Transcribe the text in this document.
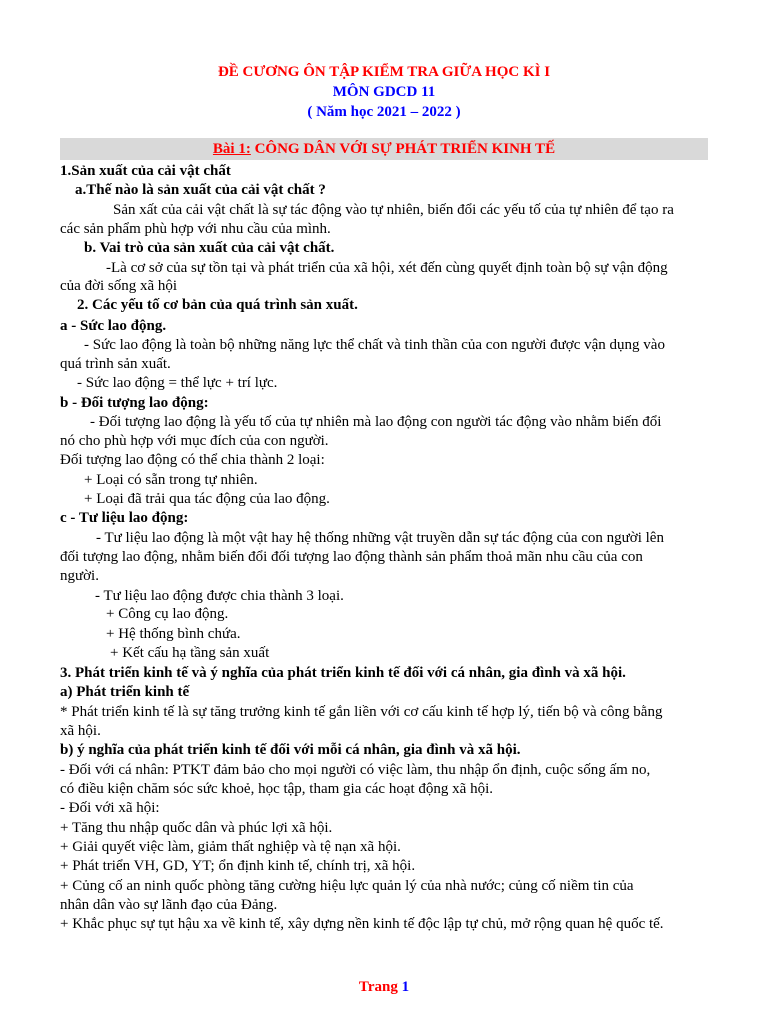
ĐỀ CƯƠNG ÔN TẬP KIỂM TRA GIỮA HỌC KÌ I
MÔN GDCD 11
( Năm học 2021 – 2022 )
Bài 1: CÔNG DÂN VỚI SỰ PHÁT TRIỂN KINH TẾ
1.Sản xuất của cải vật chất
a.Thế nào là sản xuất của cải vật chất ?
Sản xất của cải vật chất là sự tác động vào tự nhiên, biến đổi các yếu tố của tự nhiên để tạo ra
các sản phẩm phù hợp với nhu cầu của mình.
b. Vai trò của sản xuất của cải vật chất.
-Là cơ sở của sự tồn tại và phát triển của xã hội, xét đến cùng quyết định toàn bộ sự vận động
của đời sống xã hội
2. Các yếu tố cơ bản của quá trình sản xuất.
a - Sức lao động.
- Sức lao động là toàn bộ những năng lực thể chất và tinh thần của con người được vận dụng vào
quá trình sản xuất.
- Sức lao động = thể lực + trí lực.
b - Đối tượng lao động:
- Đối tượng lao động là yếu tố của tự nhiên mà lao động con người tác động vào nhằm biến đổi
nó cho phù hợp với mục đích của con người.
Đối tượng lao động có thể chia thành 2 loại:
+ Loại có sẵn trong tự nhiên.
+ Loại đã trải qua tác động của lao động.
c - Tư liệu lao động:
- Tư liệu lao động là một vật hay hệ thống những vật truyền dẫn sự tác động của con người lên
đối tượng lao động, nhằm biến đổi đối tượng lao động thành sản phẩm thoả mãn nhu cầu của con
người.
- Tư liệu lao động được chia thành 3 loại.
+ Công cụ lao động.
+ Hệ thống bình chứa.
+ Kết cấu hạ tầng sản xuất
3. Phát triển kinh tế và ý nghĩa của phát triển kinh tế đối với cá nhân, gia đình và xã hội.
a) Phát triển kinh tế
* Phát triển kinh tế là sự tăng trưởng kinh tế gắn liền với cơ cấu kinh tế hợp lý, tiến bộ và công bằng
xã hội.
b) ý nghĩa của phát triển kinh tế đối với mỗi cá nhân, gia đình và xã hội.
- Đối với cá nhân: PTKT đảm bảo cho mọi người có việc làm, thu nhập ổn định, cuộc sống ấm no,
có điều kiện chăm sóc sức khoẻ, học tập, tham gia các hoạt động xã hội.
- Đối với xã hội:
+ Tăng thu nhập quốc dân và phúc lợi xã hội.
+ Giải quyết việc làm, giảm thất nghiệp và tệ nạn xã hội.
+ Phát triển VH, GD, YT; ổn định kinh tế, chính trị, xã hội.
+ Củng cố an ninh quốc phòng tăng cường hiệu lực quản lý của nhà nước; củng cố niềm tin của
nhân dân vào sự lãnh đạo của Đảng.
+ Khắc phục sự tụt hậu xa về kinh tế, xây dựng nền kinh tế độc lập tự chủ, mở rộng quan hệ quốc tế.
Trang 1
